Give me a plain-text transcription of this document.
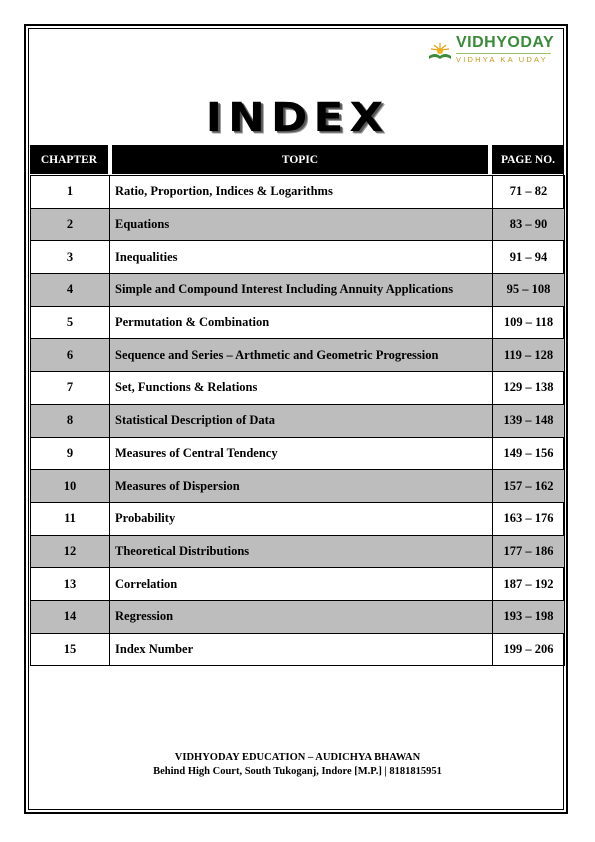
VIDHYODAY
VIDHYA KA UDAY
INDEX
CHAPTER	TOPIC	PAGE NO.
1	Ratio, Proportion, Indices & Logarithms	71 – 82
2	Equations	83 – 90
3	Inequalities	91 – 94
4	Simple and Compound Interest Including Annuity Applications	95 – 108
5	Permutation & Combination	109 – 118
6	Sequence and Series – Arthmetic and Geometric Progression	119 – 128
7	Set, Functions & Relations	129 – 138
8	Statistical Description of Data	139 – 148
9	Measures of Central Tendency	149 – 156
10	Measures of Dispersion	157 – 162
11	Probability	163 – 176
12	Theoretical Distributions	177 – 186
13	Correlation	187 – 192
14	Regression	193 – 198
15	Index Number	199 – 206
VIDHYODAY EDUCATION – AUDICHYA BHAWAN
Behind High Court, South Tukoganj, Indore [M.P.] | 8181815951
